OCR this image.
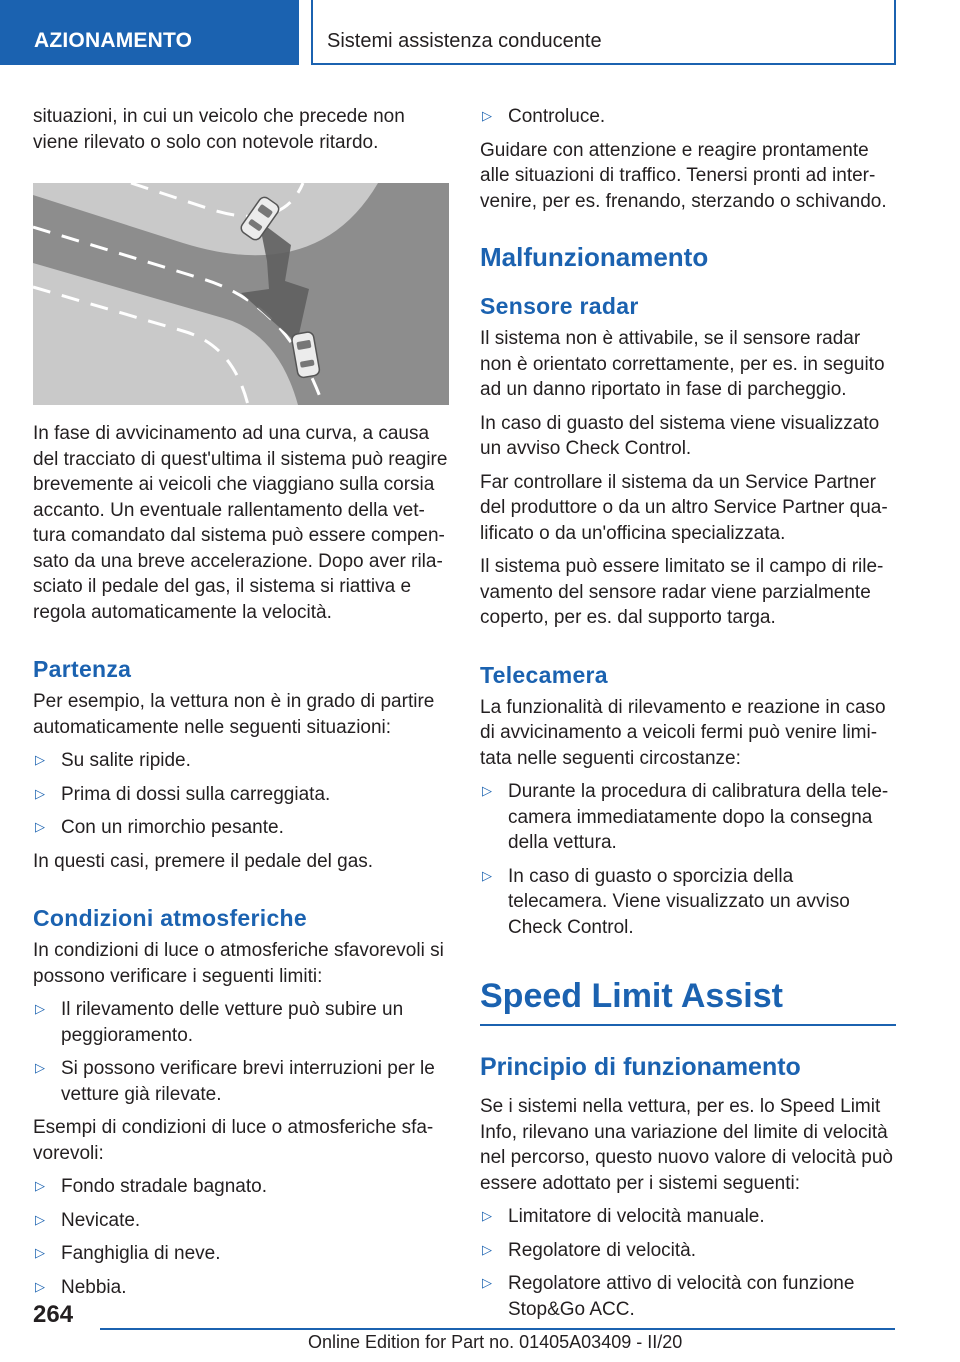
AZIONAMENTO	Sistemi assistenza conducente

situazioni, in cui un veicolo che precede non viene rilevato o solo con notevole ritardo.

In fase di avvicinamento ad una curva, a causa del tracciato di quest'ultima il sistema può reagire brevemente ai veicoli che viaggiano sulla corsia accanto. Un eventuale rallentamento della vet-tura comandato dal sistema può essere compen-sato da una breve accelerazione. Dopo aver rila-sciato il pedale del gas, il sistema si riattiva e regola automaticamente la velocità.

Partenza

Per esempio, la vettura non è in grado di partire automaticamente nelle seguenti situazioni:

▷ Su salite ripide.
▷ Prima di dossi sulla carreggiata.
▷ Con un rimorchio pesante.

In questi casi, premere il pedale del gas.

Condizioni atmosferiche

In condizioni di luce o atmosferiche sfavorevoli si possono verificare i seguenti limiti:

▷ Il rilevamento delle vetture può subire un peggioramento.
▷ Si possono verificare brevi interruzioni per le vetture già rilevate.

Esempi di condizioni di luce o atmosferiche sfa-vorevoli:

▷ Fondo stradale bagnato.
▷ Nevicate.
▷ Fanghiglia di neve.
▷ Nebbia.
▷ Controluce.

Guidare con attenzione e reagire prontamente alle situazioni di traffico. Tenersi pronti ad inter-venire, per es. frenando, sterzando o schivando.

Malfunzionamento
Sensore radar

Il sistema non è attivabile, se il sensore radar non è orientato correttamente, per es. in seguito ad un danno riportato in fase di parcheggio.

In caso di guasto del sistema viene visualizzato un avviso Check Control.

Far controllare il sistema da un Service Partner del produttore o da un altro Service Partner qua-lificato o da un'officina specializzata.

Il sistema può essere limitato se il campo di rile-vamento del sensore radar viene parzialmente coperto, per es. dal supporto targa.

Telecamera

La funzionalità di rilevamento e reazione in caso di avvicinamento a veicoli fermi può venire limi-tata nelle seguenti circostanze:

▷ Durante la procedura di calibratura della tele-camera immediatamente dopo la consegna della vettura.
▷ In caso di guasto o sporcizia della telecamera. Viene visualizzato un avviso Check Control.
Speed Limit Assist
Principio di funzionamento

Se i sistemi nella vettura, per es. lo Speed Limit Info, rilevano una variazione del limite di velocità nel percorso, questo nuovo valore di velocità può essere adottato per i sistemi seguenti:

▷ Limitatore di velocità manuale.
▷ Regolatore di velocità.
▷ Regolatore attivo di velocità con funzione Stop&Go ACC.
264
Online Edition for Part no. 01405A03409 - II/20
